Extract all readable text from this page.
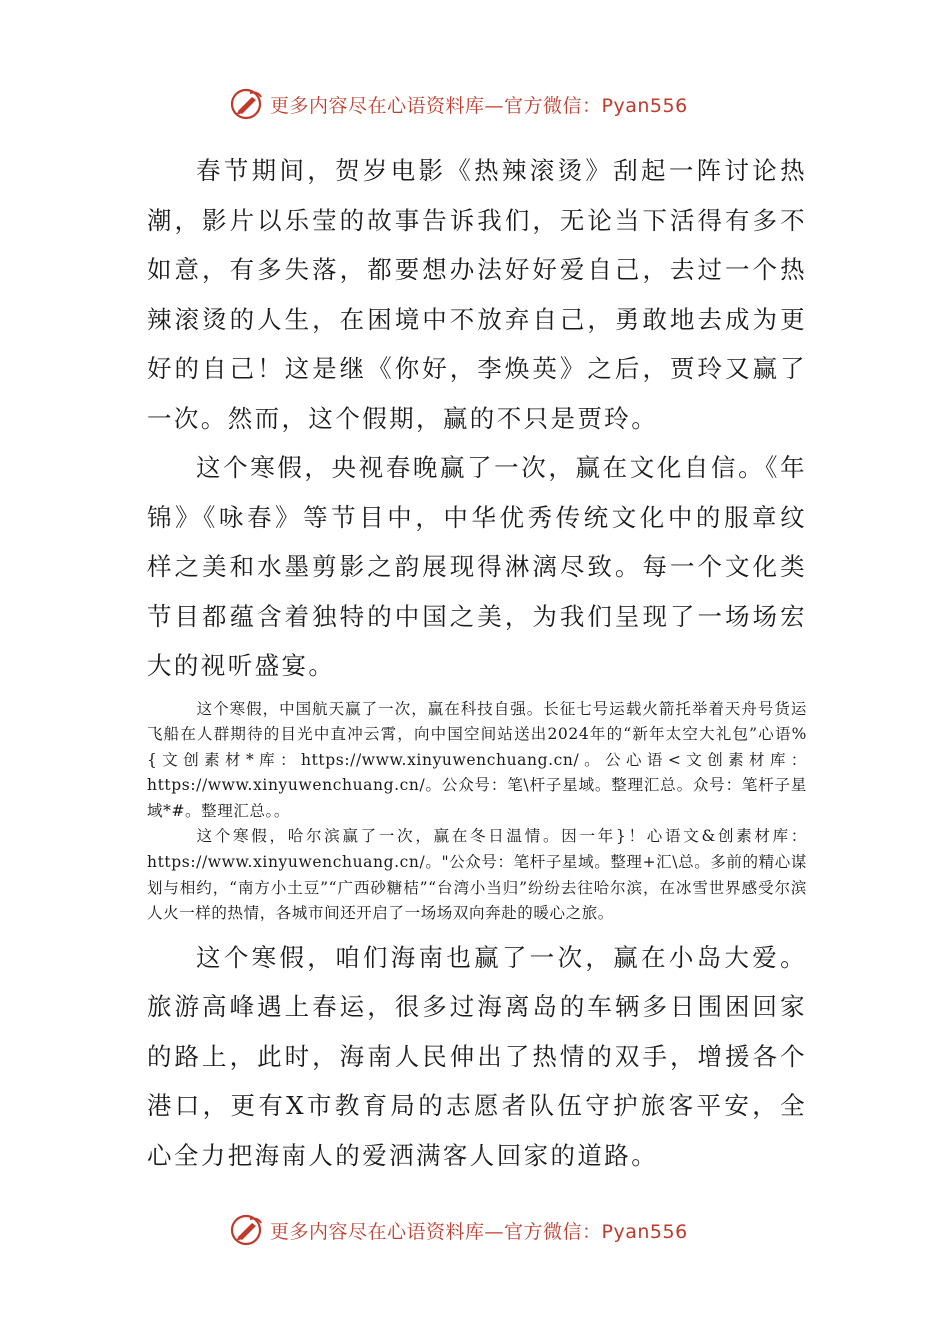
更多内容尽在心语资料库—官方微信：Pyan556

春节期间，贺岁电影《热辣滚烫》刮起一阵讨论热潮，影片以乐莹的故事告诉我们，无论当下活得有多不如意，有多失落，都要想办法好好爱自己，去过一个热辣滚烫的人生，在困境中不放弃自己，勇敢地去成为更好的自己！这是继《你好，李焕英》之后，贾玲又赢了一次。然而，这个假期，赢的不只是贾玲。

这个寒假，央视春晚赢了一次，赢在文化自信。《年锦》《咏春》等节目中，中华优秀传统文化中的服章纹样之美和水墨剪影之韵展现得淋漓尽致。每一个文化类节目都蕴含着独特的中国之美，为我们呈现了一场场宏大的视听盛宴。

这个寒假，中国航天赢了一次，赢在科技自强。长征七号运载火箭托举着天舟号货运飞船在人群期待的目光中直冲云霄，向中国空间站送出2024年的“新年太空大礼包”心语%{文创素材*库：https://www.xinyuwenchuang.cn/。公心语<文创素材库：https://www.xinyuwenchuang.cn/。公众号：笔\杆子星域。整理汇总。众号：笔杆子星域*#。整理汇总。。

这个寒假，哈尔滨赢了一次，赢在冬日温情。因一年}！心语文&创素材库：https://www.xinyuwenchuang.cn/。"公众号：笔杆子星域。整理+汇\总。多前的精心谋划与相约，“南方小土豆”“广西砂糖桔”“台湾小当归”纷纷去往哈尔滨，在冰雪世界感受尔滨人火一样的热情，各城市间还开启了一场场双向奔赴的暖心之旅。

这个寒假，咱们海南也赢了一次，赢在小岛大爱。旅游高峰遇上春运，很多过海离岛的车辆多日围困回家的路上，此时，海南人民伸出了热情的双手，增援各个港口，更有X市教育局的志愿者队伍守护旅客平安，全心全力把海南人的爱洒满客人回家的道路。

更多内容尽在心语资料库—官方微信：Pyan556
